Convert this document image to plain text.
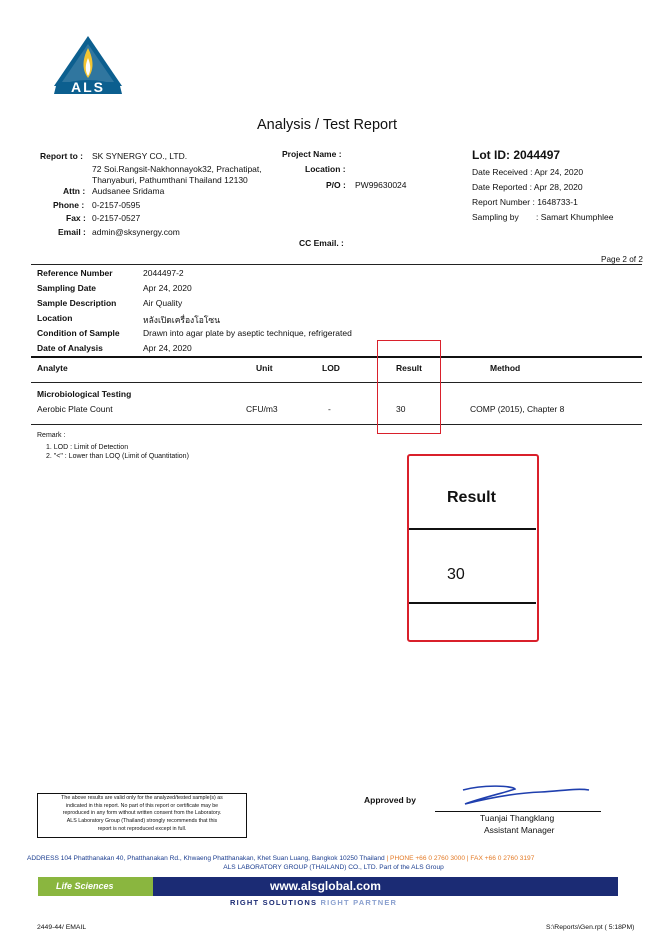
ALS
Analysis / Test Report
Report to : SK SYNERGY CO., LTD.
72 Soi.Rangsit-Nakhonnayok32, Prachatipat,
Thanyaburi, Pathumthani Thailand 12130
Attn : Audsanee Sridama
Phone : 0-2157-0595
Fax : 0-2157-0527
Email : admin@sksynergy.com
Project Name :
Location :
P/O : PW99630024
CC Email. :
Lot ID: 2044497
Date Received : Apr 24, 2020
Date Reported : Apr 28, 2020
Report Number : 1648733-1
Sampling by : Samart Khumphlee
Page 2 of 2
Reference Number	2044497-2
Sampling Date	Apr 24, 2020
Sample Description	Air Quality
Location	หลังเปิดเครื่องโอโซน
Condition of Sample	Drawn into agar plate by aseptic technique, refrigerated
Date of Analysis	Apr 24, 2020
Analyte	Unit	LOD	Result	Method
Microbiological Testing
Aerobic Plate Count	CFU/m3	-	30	COMP (2015), Chapter 8
Remark :
1. LOD : Limit of Detection
2. "<" : Lower than LOQ (Limit of Quantitation)
Result
30
The above results are valid only for the analyzed/tested sample(s) as
indicated in this report. No part of this report or certificate may be
reproduced in any form without written consent from the Laboratory.
ALS Laboratory Group (Thailand) strongly recommends that this
report is not reproduced except in full.
Approved by
Tuanjai Thangklang
Assistant Manager
ADDRESS 104 Phatthanakan 40, Phatthanakan Rd., Khwaeng Phatthanakan, Khet Suan Luang, Bangkok 10250 Thailand | PHONE +66 0 2760 3000 | FAX +66 0 2760 3197
ALS LABORATORY GROUP (THAILAND) CO., LTD. Part of the ALS Group
Life Sciences	www.alsglobal.com
RIGHT SOLUTIONS RIGHT PARTNER
2449-44/ EMAIL	S:\Reports\Gen.rpt ( 5:18PM)
